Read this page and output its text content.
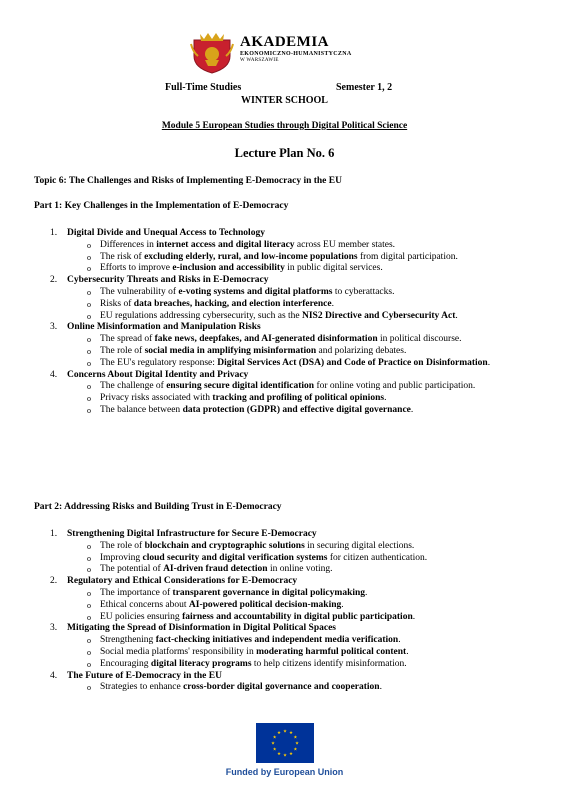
AKADEMIA
EKONOMICZNO-HUMANISTYCZNA
W WARSZAWIE
Full-Time Studies	Semester 1, 2
WINTER SCHOOL
Module 5 European Studies through Digital Political Science
Lecture Plan No. 6
Topic 6: The Challenges and Risks of Implementing E-Democracy in the EU
Part 1: Key Challenges in the Implementation of E-Democracy
1. Digital Divide and Unequal Access to Technology
o Differences in internet access and digital literacy across EU member states.
o The risk of excluding elderly, rural, and low-income populations from digital participation.
o Efforts to improve e-inclusion and accessibility in public digital services.
2. Cybersecurity Threats and Risks in E-Democracy
o The vulnerability of e-voting systems and digital platforms to cyberattacks.
o Risks of data breaches, hacking, and election interference.
o EU regulations addressing cybersecurity, such as the NIS2 Directive and Cybersecurity Act.
3. Online Misinformation and Manipulation Risks
o The spread of fake news, deepfakes, and AI-generated disinformation in political discourse.
o The role of social media in amplifying misinformation and polarizing debates.
o The EU's regulatory response: Digital Services Act (DSA) and Code of Practice on Disinformation.
4. Concerns About Digital Identity and Privacy
o The challenge of ensuring secure digital identification for online voting and public participation.
o Privacy risks associated with tracking and profiling of political opinions.
o The balance between data protection (GDPR) and effective digital governance.
Part 2: Addressing Risks and Building Trust in E-Democracy
1. Strengthening Digital Infrastructure for Secure E-Democracy
o The role of blockchain and cryptographic solutions in securing digital elections.
o Improving cloud security and digital verification systems for citizen authentication.
o The potential of AI-driven fraud detection in online voting.
2. Regulatory and Ethical Considerations for E-Democracy
o The importance of transparent governance in digital policymaking.
o Ethical concerns about AI-powered political decision-making.
o EU policies ensuring fairness and accountability in digital public participation.
3. Mitigating the Spread of Disinformation in Digital Political Spaces
o Strengthening fact-checking initiatives and independent media verification.
o Social media platforms' responsibility in moderating harmful political content.
o Encouraging digital literacy programs to help citizens identify misinformation.
4. The Future of E-Democracy in the EU
o Strategies to enhance cross-border digital governance and cooperation.
★ ★
★
★
★
★
★
★
★
★
★
★
Funded by European Union
